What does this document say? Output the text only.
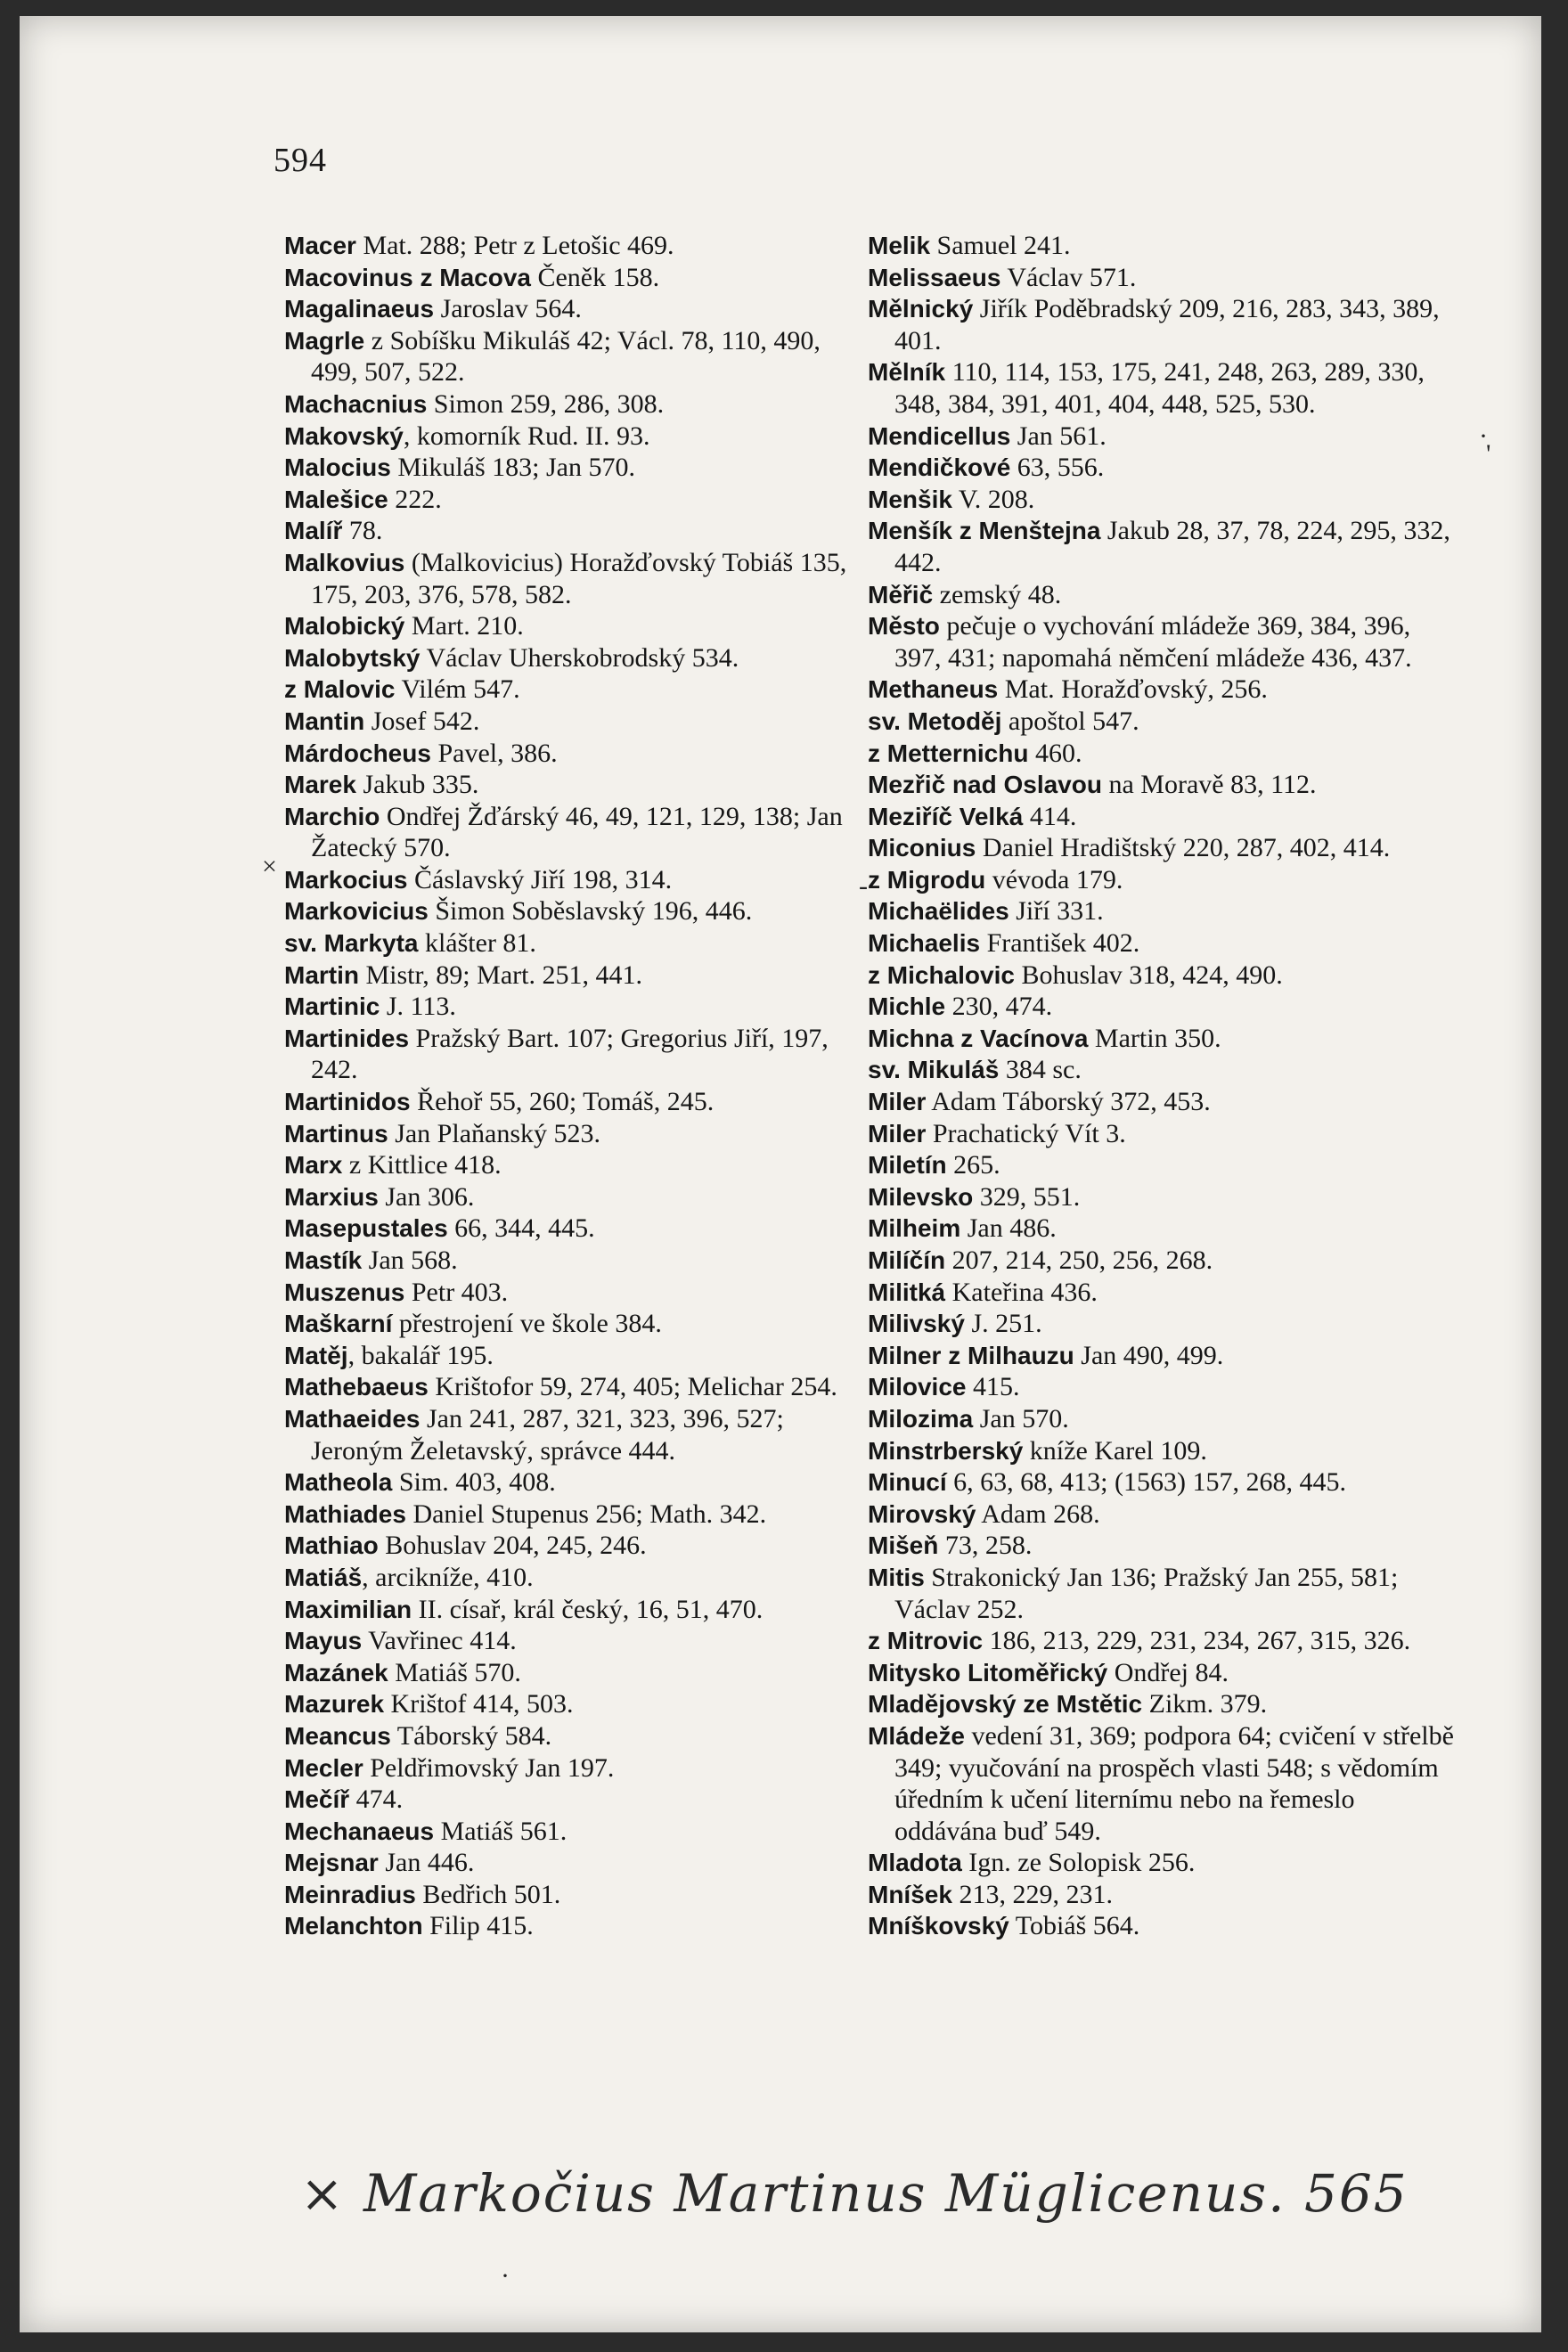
594
Macer Mat. 288; Petr z Letošic 469.
Macovinus z Macova Čeněk 158.
Magalinaeus Jaroslav 564.
Magrle z Sobíšku Mikuláš 42; Václ. 78, 110, 490, 499, 507, 522.
Machacnius Simon 259, 286, 308.
Makovský, komorník Rud. II. 93.
Malocius Mikuláš 183; Jan 570.
Malešice 222.
Malíř 78.
Malkovius (Malkovicius) Horažďovský Tobiáš 135, 175, 203, 376, 578, 582.
Malobický Mart. 210.
Malobytský Václav Uherskobrodský 534.
z Malovic Vilém 547.
Mantin Josef 542.
Márdocheus Pavel, 386.
Marek Jakub 335.
Marchio Ondřej Žďárský 46, 49, 121, 129, 138; Jan Žatecký 570.
Markocius Čáslavský Jiří 198, 314.
Markovicius Šimon Soběslavský 196, 446.
sv. Markyta klášter 81.
Martin Mistr, 89; Mart. 251, 441.
Martinic J. 113.
Martinides Pražský Bart. 107; Gregorius Jiří, 197, 242.
Martinidos Řehoř 55, 260; Tomáš, 245.
Martinus Jan Plaňanský 523.
Marx z Kittlice 418.
Marxius Jan 306.
Masepustales 66, 344, 445.
Mastík Jan 568.
Muszenus Petr 403.
Maškarní přestrojení ve škole 384.
Matěj, bakalář 195.
Mathebaeus Krištofor 59, 274, 405; Melichar 254.
Mathaeides Jan 241, 287, 321, 323, 396, 527; Jeroným Želetavský, správce 444.
Matheola Sim. 403, 408.
Mathiades Daniel Stupenus 256; Math. 342.
Mathiao Bohuslav 204, 245, 246.
Matiáš, arcikníže, 410.
Maximilian II. císař, král český, 16, 51, 470.
Mayus Vavřinec 414.
Mazánek Matiáš 570.
Mazurek Krištof 414, 503.
Meancus Táborský 584.
Mecler Peldřimovský Jan 197.
Mečíř 474.
Mechanaeus Matiáš 561.
Mejsnar Jan 446.
Meinradius Bedřich 501.
Melanchton Filip 415.
Melik Samuel 241.
Melissaeus Václav 571.
Mělnický Jiřík Poděbradský 209, 216, 283, 343, 389, 401.
Mělník 110, 114, 153, 175, 241, 248, 263, 289, 330, 348, 384, 391, 401, 404, 448, 525, 530.
Mendicellus Jan 561.
Mendičkové 63, 556.
Menšik V. 208.
Menšík z Menštejna Jakub 28, 37, 78, 224, 295, 332, 442.
Měřič zemský 48.
Město pečuje o vychování mládeže 369, 384, 396, 397, 431; napomahá němčení mládeže 436, 437.
Methaneus Mat. Horažďovský, 256.
sv. Metoděj apoštol 547.
z Metternichu 460.
Mezřič nad Oslavou na Moravě 83, 112.
Meziříč Velká 414.
Miconius Daniel Hradištský 220, 287, 402, 414.
z Migrodu vévoda 179.
Michaëlides Jiří 331.
Michaelis František 402.
z Michalovic Bohuslav 318, 424, 490.
Michle 230, 474.
Michna z Vacínova Martin 350.
sv. Mikuláš 384 sc.
Miler Adam Táborský 372, 453.
Miler Prachatický Vít 3.
Miletín 265.
Milevsko 329, 551.
Milheim Jan 486.
Milíčín 207, 214, 250, 256, 268.
Militká Kateřina 436.
Milivský J. 251.
Milner z Milhauzu Jan 490, 499.
Milovice 415.
Milozima Jan 570.
Minstrberský kníže Karel 109.
Minucí 6, 63, 68, 413; (1563) 157, 268, 445.
Mirovský Adam 268.
Mišeň 73, 258.
Mitis Strakonický Jan 136; Pražský Jan 255, 581; Václav 252.
z Mitrovic 186, 213, 229, 231, 234, 267, 315, 326.
Mitysko Litoměřický Ondřej 84.
Mladějovský ze Mstětic Zikm. 379.
Mládeže vedení 31, 369; podpora 64; cvičení v střelbě 349; vyučování na prospěch vlasti 548; s vědomím úředním k učení liternímu nebo na řemeslo oddávána buď 549.
Mladota Ign. ze Solopisk 256.
Mníšek 213, 229, 231.
Mníškovský Tobiáš 564.
×
·
'
-
·
× Markočius Martinus Müglicenus. 565
